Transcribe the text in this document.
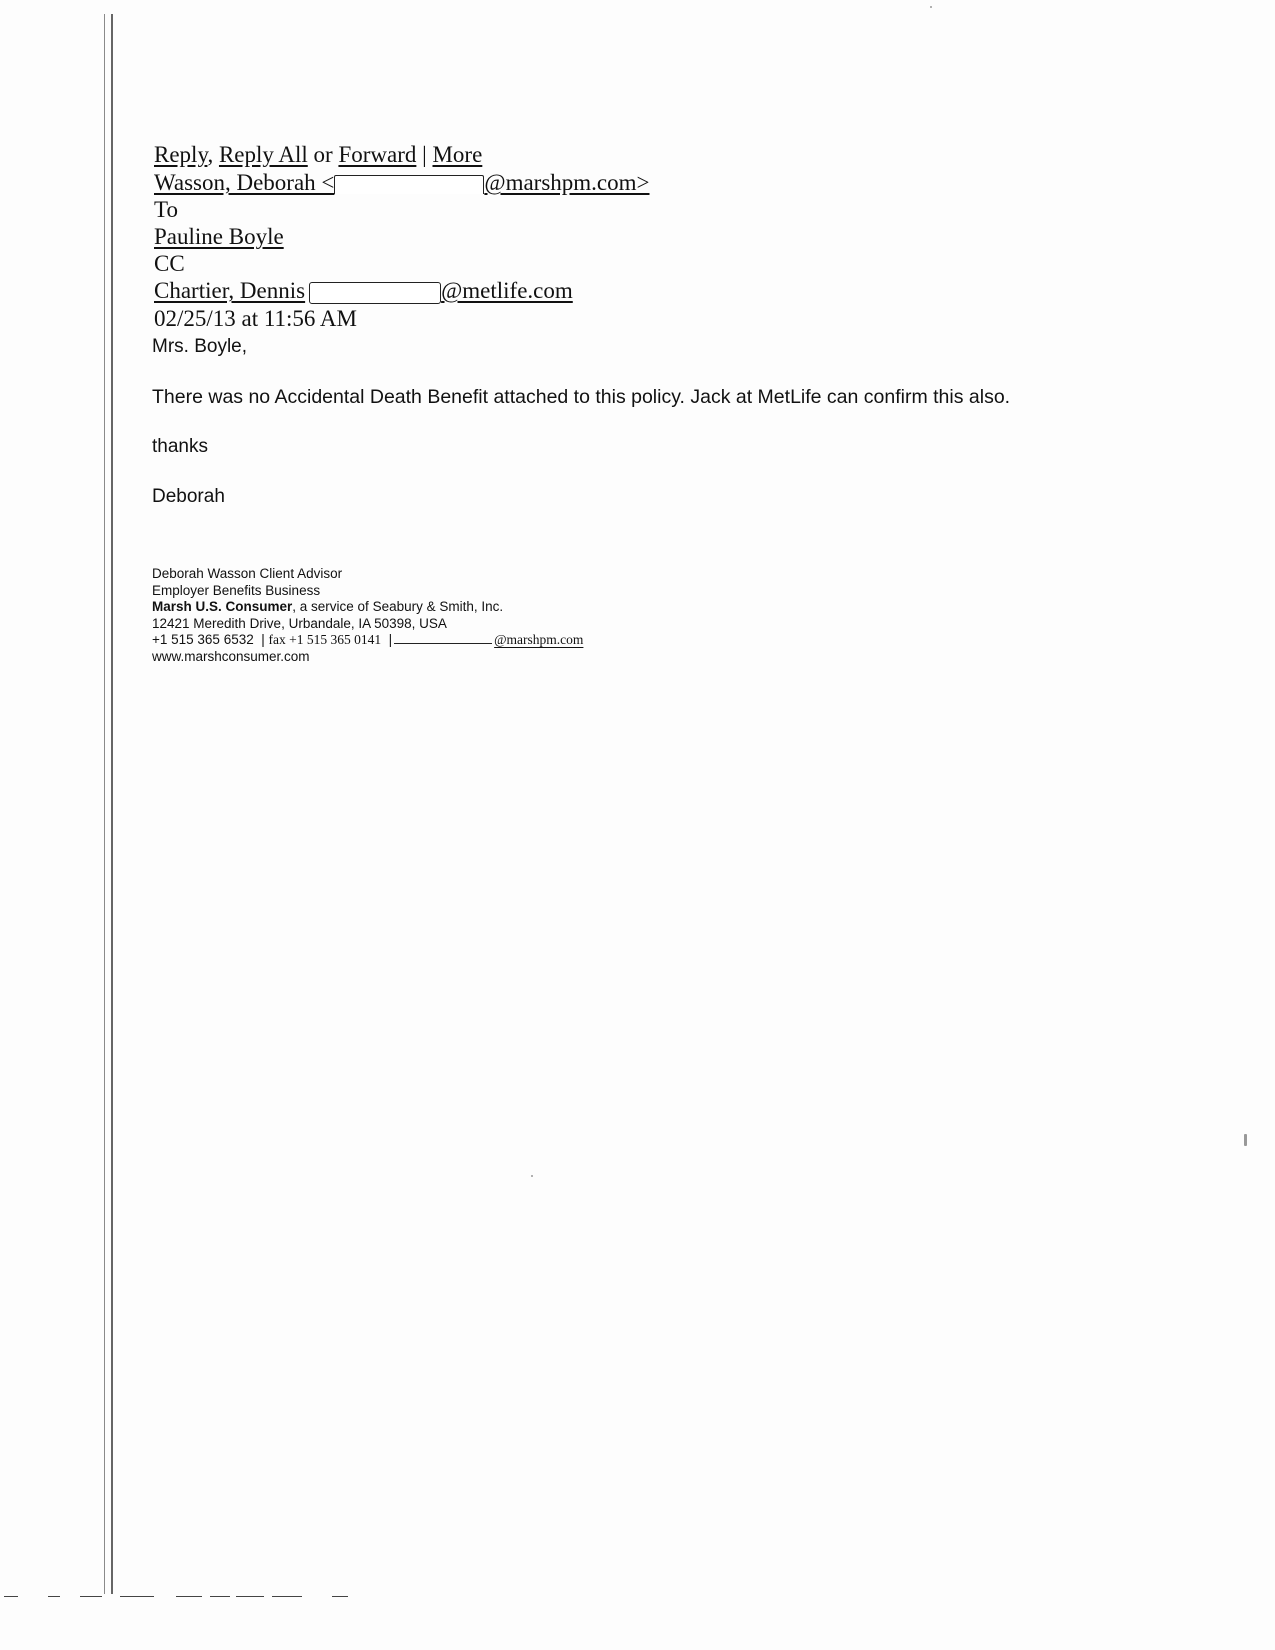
Reply, Reply All or Forward | More
Wasson, Deborah <	@marshpm.com>
To
Pauline Boyle
CC
Chartier, Dennis	@metlife.com
02/25/13 at 11:56 AM
Mrs. Boyle,
There was no Accidental Death Benefit attached to this policy. Jack at MetLife can confirm this also.
thanks
Deborah
Deborah Wasson Client Advisor
Employer Benefits Business
Marsh U.S. Consumer, a service of Seabury & Smith, Inc.
12421 Meredith Drive, Urbandale, IA 50398, USA
+1 515 365 6532  | fax +1 515 365 0141  |	@marshpm.com
www.marshconsumer.com
